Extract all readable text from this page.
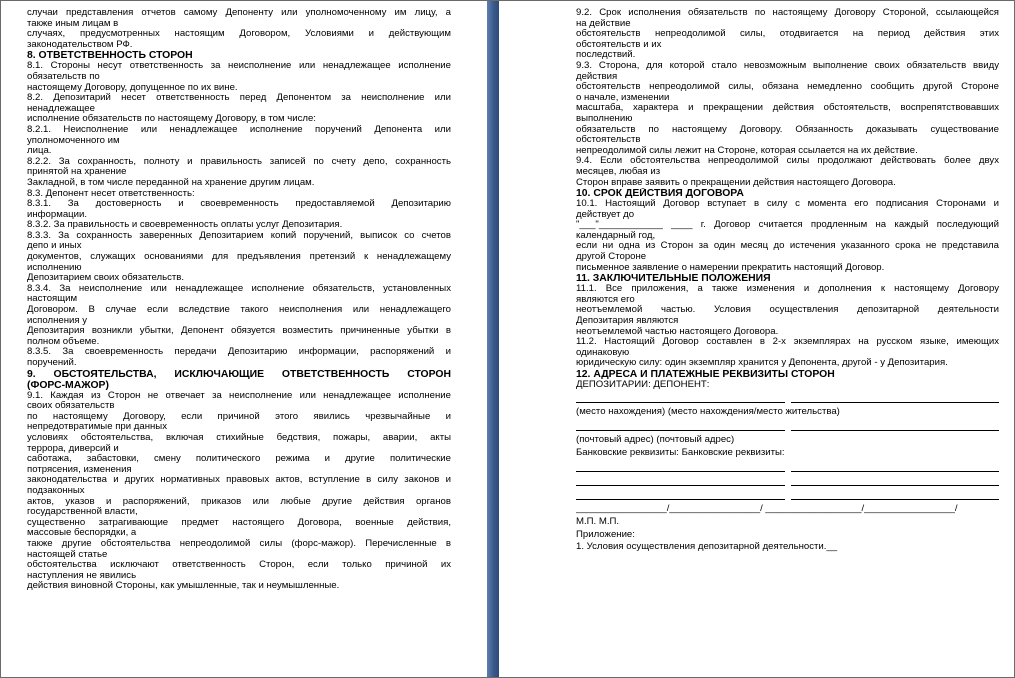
случаи представления отчетов самому Депоненту или уполномоченному им лицу, а
также иным лицам в
случаях, предусмотренных настоящим Договором, Условиями и действующим
законодательством РФ.
8. ОТВЕТСТВЕННОСТЬ СТОРОН
8.1. Стороны несут ответственность за неисполнение или ненадлежащее исполнение
обязательств по
настоящему Договору, допущенное по их вине.
8.2. Депозитарий несет ответственность перед Депонентом за неисполнение или
ненадлежащее
исполнение обязательств по настоящему Договору, в том числе:
8.2.1. Неисполнение или ненадлежащее исполнение поручений Депонента или
уполномоченного им
лица.
8.2.2. За сохранность, полноту и правильность записей по счету депо, сохранность
принятой на хранение
Закладной, в том числе переданной на хранение другим лицам.
8.3. Депонент несет ответственность:
8.3.1. За достоверность и своевременность предоставляемой Депозитарию
информации.
8.3.2. За правильность и своевременность оплаты услуг Депозитария.
8.3.3. За сохранность заверенных Депозитарием копий поручений, выписок со счетов
депо и иных
документов, служащих основаниями для предъявления претензий к ненадлежащему
исполнению
Депозитарием своих обязательств.
8.3.4. За неисполнение или ненадлежащее исполнение обязательств, установленных
настоящим
Договором. В случае если вследствие такого неисполнения или ненадлежащего
исполнения у
Депозитария возникли убытки, Депонент обязуется возместить причиненные убытки в
полном объеме.
8.3.5. За своевременность передачи Депозитарию информации, распоряжений и
поручений.
9. ОБСТОЯТЕЛЬСТВА, ИСКЛЮЧАЮЩИЕ ОТВЕТСТВЕННОСТЬ СТОРОН
(ФОРС-МАЖОР)
9.1. Каждая из Сторон не отвечает за неисполнение или ненадлежащее исполнение
своих обязательств
по настоящему Договору, если причиной этого явились чрезвычайные и
непредотвратимые при данных
условиях обстоятельства, включая стихийные бедствия, пожары, аварии, акты
террора, диверсий и
саботажа, забастовки, смену политического режима и другие политические
потрясения, изменения
законодательства и других нормативных правовых актов, вступление в силу законов и
подзаконных
актов, указов и распоряжений, приказов или любые другие действия органов
государственной власти,
существенно затрагивающие предмет настоящего Договора, военные действия,
массовые беспорядки, а
также другие обстоятельства непреодолимой силы (форс-мажор). Перечисленные в
настоящей статье
обстоятельства исключают ответственность Сторон, если только причиной их
наступления не явились
действия виновной Стороны, как умышленные, так и неумышленные.
9.2. Срок исполнения обязательств по настоящему Договору Стороной, ссылающейся
на действие
обстоятельств непреодолимой силы, отодвигается на период действия этих
обстоятельств и их
последствий.
9.3. Сторона, для которой стало невозможным выполнение своих обязательств ввиду
действия
обстоятельств непреодолимой силы, обязана немедленно сообщить другой Стороне
о начале, изменении
масштаба, характера и прекращении действия обстоятельств, воспрепятствовавших
выполнению
обязательств по настоящему Договору. Обязанность доказывать существование
обстоятельств
непреодолимой силы лежит на Стороне, которая ссылается на их действие.
9.4. Если обстоятельства непреодолимой силы продолжают действовать более двух
месяцев, любая из
Сторон вправе заявить о прекращении действия настоящего Договора.
10. СРОК ДЕЙСТВИЯ ДОГОВОРА
10.1. Настоящий Договор вступает в силу с момента его подписания Сторонами и
действует до
"___"____________ ____ г. Договор считается продленным на каждый последующий
календарный год,
если ни одна из Сторон за один месяц до истечения указанного срока не представила
другой Стороне
письменное заявление о намерении прекратить настоящий Договор.
11. ЗАКЛЮЧИТЕЛЬНЫЕ ПОЛОЖЕНИЯ
11.1. Все приложения, а также изменения и дополнения к настоящему Договору
являются его
неотъемлемой частью. Условия осуществления депозитарной деятельности
Депозитария являются
неотъемлемой частью настоящего Договора.
11.2. Настоящий Договор составлен в 2-х экземплярах на русском языке, имеющих
одинаковую
юридическую силу: один экземпляр хранится у Депонента, другой - у Депозитария.
12. АДРЕСА И ПЛАТЕЖНЫЕ РЕКВИЗИТЫ СТОРОН
ДЕПОЗИТАРИЙ: ДЕПОНЕНТ:
(место нахождения) (место нахождения/место жительства)
(почтовый адрес) (почтовый адрес)
Банковские реквизиты: Банковские реквизиты:
_________________/_________________/ __________________/_________________/
М.П. М.П.
Приложение:
1. Условия осуществления депозитарной деятельности.__
